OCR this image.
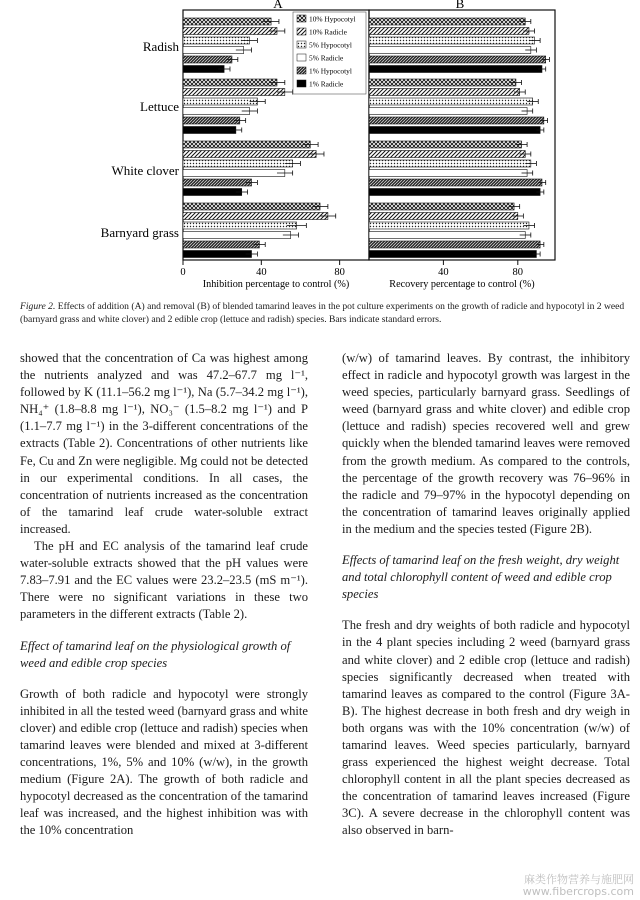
A	B
Radish
Lettuce
White clover
Barnyard grass
10% Hypocotyl
10% Radicle
5% Hypocotyl
5% Radicle
1% Hypocotyl
1% Radicle
0	40	80	40	80
Inhibition percentage to control (%)	Recovery percentage to control (%)
Figure 2. Effects of addition (A) and removal (B) of blended tamarind leaves in the pot culture experiments on the growth of radicle and hypocotyl in 2 weed (barnyard grass and white clover) and 2 edible crop (lettuce and radish) species. Bars indicate standard errors.

showed that the concentration of Ca was highest among the nutrients analyzed and was 47.2–67.7 mg l⁻¹, followed by K (11.1–56.2 mg l⁻¹), Na (5.7–34.2 mg l⁻¹), NH₄⁺ (1.8–8.8 mg l⁻¹), NO₃⁻ (1.5–8.2 mg l⁻¹) and P (1.1–7.7 mg l⁻¹) in the 3-different concentrations of the extracts (Table 2). Concentrations of other nutrients like Fe, Cu and Zn were negligible. Mg could not be detected in our experimental conditions. In all cases, the concentration of nutrients increased as the concentration of the tamarind leaf crude water-soluble extract increased.

The pH and EC analysis of the tamarind leaf crude water-soluble extracts showed that the pH values were 7.83–7.91 and the EC values were 23.2–23.5 (mS m⁻¹). There were no significant variations in these two parameters in the different extracts (Table 2).

Effect of tamarind leaf on the physiological growth of weed and edible crop species

Growth of both radicle and hypocotyl were strongly inhibited in all the tested weed (barnyard grass and white clover) and edible crop (lettuce and radish) species when tamarind leaves were blended and mixed at 3-different concentrations, 1%, 5% and 10% (w/w), in the growth medium (Figure 2A). The growth of both radicle and hypocotyl decreased as the concentration of the tamarind leaf was increased, and the highest inhibition was with the 10% concentration

(w/w) of tamarind leaves. By contrast, the inhibitory effect in radicle and hypocotyl growth was largest in the weed species, particularly barnyard grass. Seedlings of weed (barnyard grass and white clover) and edible crop (lettuce and radish) species recovered well and grew quickly when the blended tamarind leaves were removed from the growth medium. As compared to the controls, the percentage of the growth recovery was 76–96% in the radicle and 79–97% in the hypocotyl depending on the concentration of tamarind leaves originally applied in the medium and the species tested (Figure 2B).

Effects of tamarind leaf on the fresh weight, dry weight and total chlorophyll content of weed and edible crop species

The fresh and dry weights of both radicle and hypocotyl in the 4 plant species including 2 weed (barnyard grass and white clover) and 2 edible crop (lettuce and radish) species significantly decreased when treated with tamarind leaves as compared to the control (Figure 3A-B). The highest decrease in both fresh and dry weigh in both organs was with the 10% concentration (w/w) of tamarind leaves. Weed species particularly, barnyard grass experienced the highest weight decrease. Total chlorophyll content in all the plant species decreased as the concentration of tamarind leaves increased (Figure 3C). A severe decrease in the chlorophyll content was also observed in barn-

麻类作物营养与施肥网
www.fibercrops.com
